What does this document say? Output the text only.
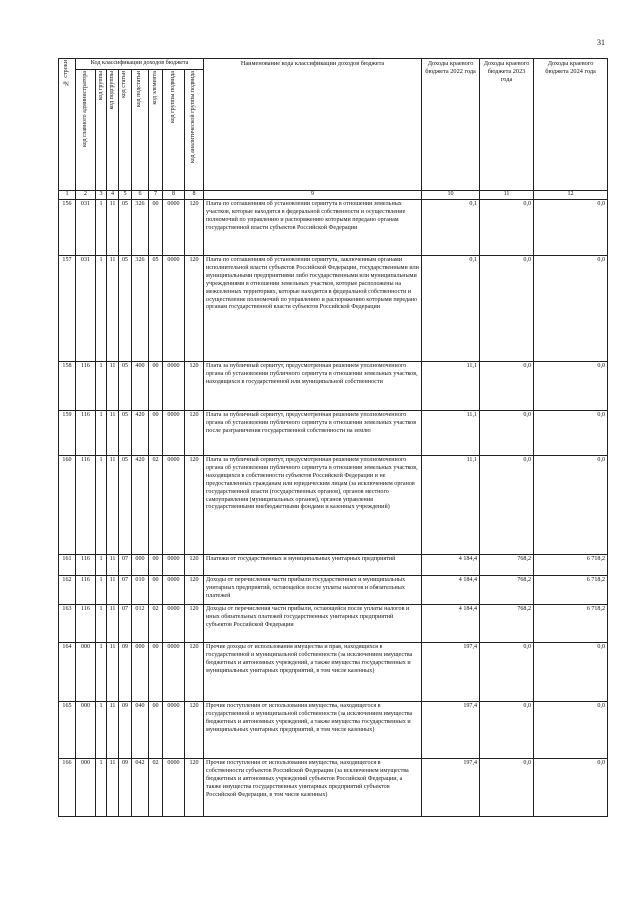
31
№ строки	Код классификации доходов бюджета								Наименование кода классификации доходов бюджета	Доходы краевого бюджета 2022 года	Доходы краевого бюджета 2023 года	Доходы краевого бюджета 2024 года

	код главного администратора	код группы	код подгруппы	код статьи	код подстатьи	код элемента	код группы подвида	код аналитической группы подвида				

1	2	3	4	5	6	7	8	8	9	10	11	12
156	031	1	11	05	326	00	0000	120	Плата по соглашениям об установлении сервитута в отношении земельных участков, которые находятся в федеральной собственности и осуществление полномочий по управлению и распоряжению которыми передано органам государственной власти субъектов Российской Федерации	0,1	0,0	0,0
157	031	1	11	05	326	05	0000	120	Плата по соглашениям об установлении сервитута, заключенным органами исполнительной власти субъектов Российской Федерации, государственными или муниципальными предприятиями либо государственными или муниципальными учреждениями в отношении земельных участков, которые расположены на межселенных территориях, которые находятся в федеральной собственности и осуществление полномочий по управлению и распоряжению которыми передано органам государственной власти субъектов Российской Федерации	0,1	0,0	0,0
158	116	1	11	05	400	00	0000	120	Плата за публичный сервитут, предусмотренная решением уполномоченного органа об установлении публичного сервитута в отношении земельных участков, находящихся в государственной или муниципальной собственности	11,1	0,0	0,0
159	116	1	11	05	420	00	0000	120	Плата за публичный сервитут, предусмотренная решением уполномоченного органа об установлении публичного сервитута в отношении земельных участков после разграничения государственной собственности на землю	11,1	0,0	0,0
160	116	1	11	05	420	02	0000	120	Плата за публичный сервитут, предусмотренная решением уполномоченного органа об установлении публичного сервитута в отношении земельных участков, находящихся в собственности субъектов Российской Федерации и не предоставленных гражданам или юридическим лицам (за исключением органов государственной власти (государственных органов), органов местного самоуправления (муниципальных органов), органов управления государственными внебюджетными фондами и казенных учреждений)	11,1	0,0	0,0
161	116	1	11	07	000	00	0000	120	Платежи от государственных и муниципальных унитарных предприятий	4 184,4	768,2	6 718,2
162	116	1	11	07	010	00	0000	120	Доходы от перечисления части прибыли государственных и муниципальных унитарных предприятий, остающейся после уплаты налогов и обязательных платежей	4 184,4	768,2	6 718,2
163	116	1	11	07	012	02	0000	120	Доходы от перечисления части прибыли, остающейся после уплаты налогов и иных обязательных платежей государственных унитарных предприятий субъектов Российской Федерации	4 184,4	768,2	6 718,2
164	000	1	11	09	000	00	0000	120	Прочие доходы от использования имущества и прав, находящихся в государственной и муниципальной собственности (за исключением имущества бюджетных и автономных учреждений, а также имущества государственных и муниципальных унитарных предприятий, в том числе казенных)	197,4	0,0	0,0
165	000	1	11	09	040	00	0000	120	Прочие поступления от использования имущества, находящегося в государственной и муниципальной собственности (за исключением имущества бюджетных и автономных учреждений, а также имущества государственных и муниципальных унитарных предприятий, в том числе казенных)	197,4	0,0	0,0
166	000	1	11	09	042	02	0000	120	Прочие поступления от использования имущества, находящегося в собственности субъектов Российской Федерации (за исключением имущества бюджетных и автономных учреждений субъектов Российской Федерации, а также имущества государственных унитарных предприятий субъектов Российской Федерации, в том числе казенных)	197,4	0,0	0,0
